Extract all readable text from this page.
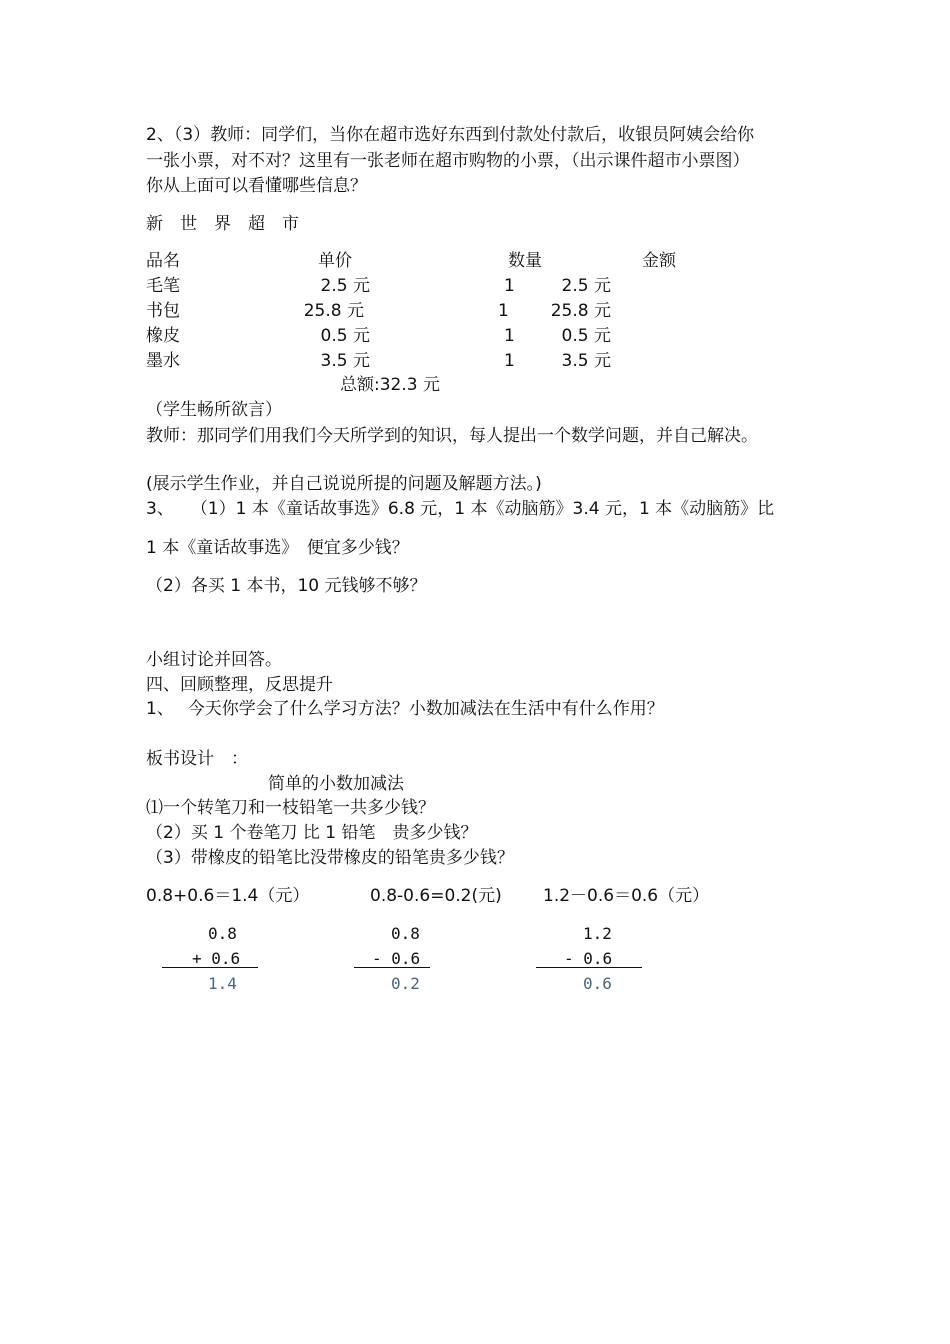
2、（3）教师：同学们，当你在超市选好东西到付款处付款后，收银员阿姨会给你
一张小票，对不对？这里有一张老师在超市购物的小票，（出示课件超市小票图）
你从上面可以看懂哪些信息？
新　世　界　超　市
品名	单价	数量	金额
毛笔	2.5 元	1	2.5 元
书包	25.8 元	1 25.8 元
橡皮	0.5 元	1	0.5 元
墨水	3.5 元	1	3.5 元
总额:32.3 元
（学生畅所欲言）
教师：那同学们用我们今天所学到的知识，每人提出一个数学问题，并自己解决。
(展示学生作业，并自己说说所提的问题及解题方法。)
3、　　（1）1 本《童话故事选》6.8 元，1 本《动脑筋》3.4 元，1 本《动脑筋》比
1 本《童话故事选》　便宜多少钱？
（2）各买 1 本书，10 元钱够不够？
小组讨论并回答。
四、回顾整理，反思提升
1、　 今天你学会了什么学习方法？小数加减法在生活中有什么作用？
板书设计　：
简单的小数加减法
⑴一个转笔刀和一枝铅笔一共多少钱？
（2）买 1 个卷笔刀 比 1 铅笔　贵多少钱？
（3）带橡皮的铅笔比没带橡皮的铅笔贵多少钱？
0.8+0.6＝1.4（元）	0.8-0.6=0.2(元) 1.2－0.6＝0.6（元）
0.8
+ 0.6
1.4
0.8
- 0.6
0.2
1.2
- 0.6
0.6
